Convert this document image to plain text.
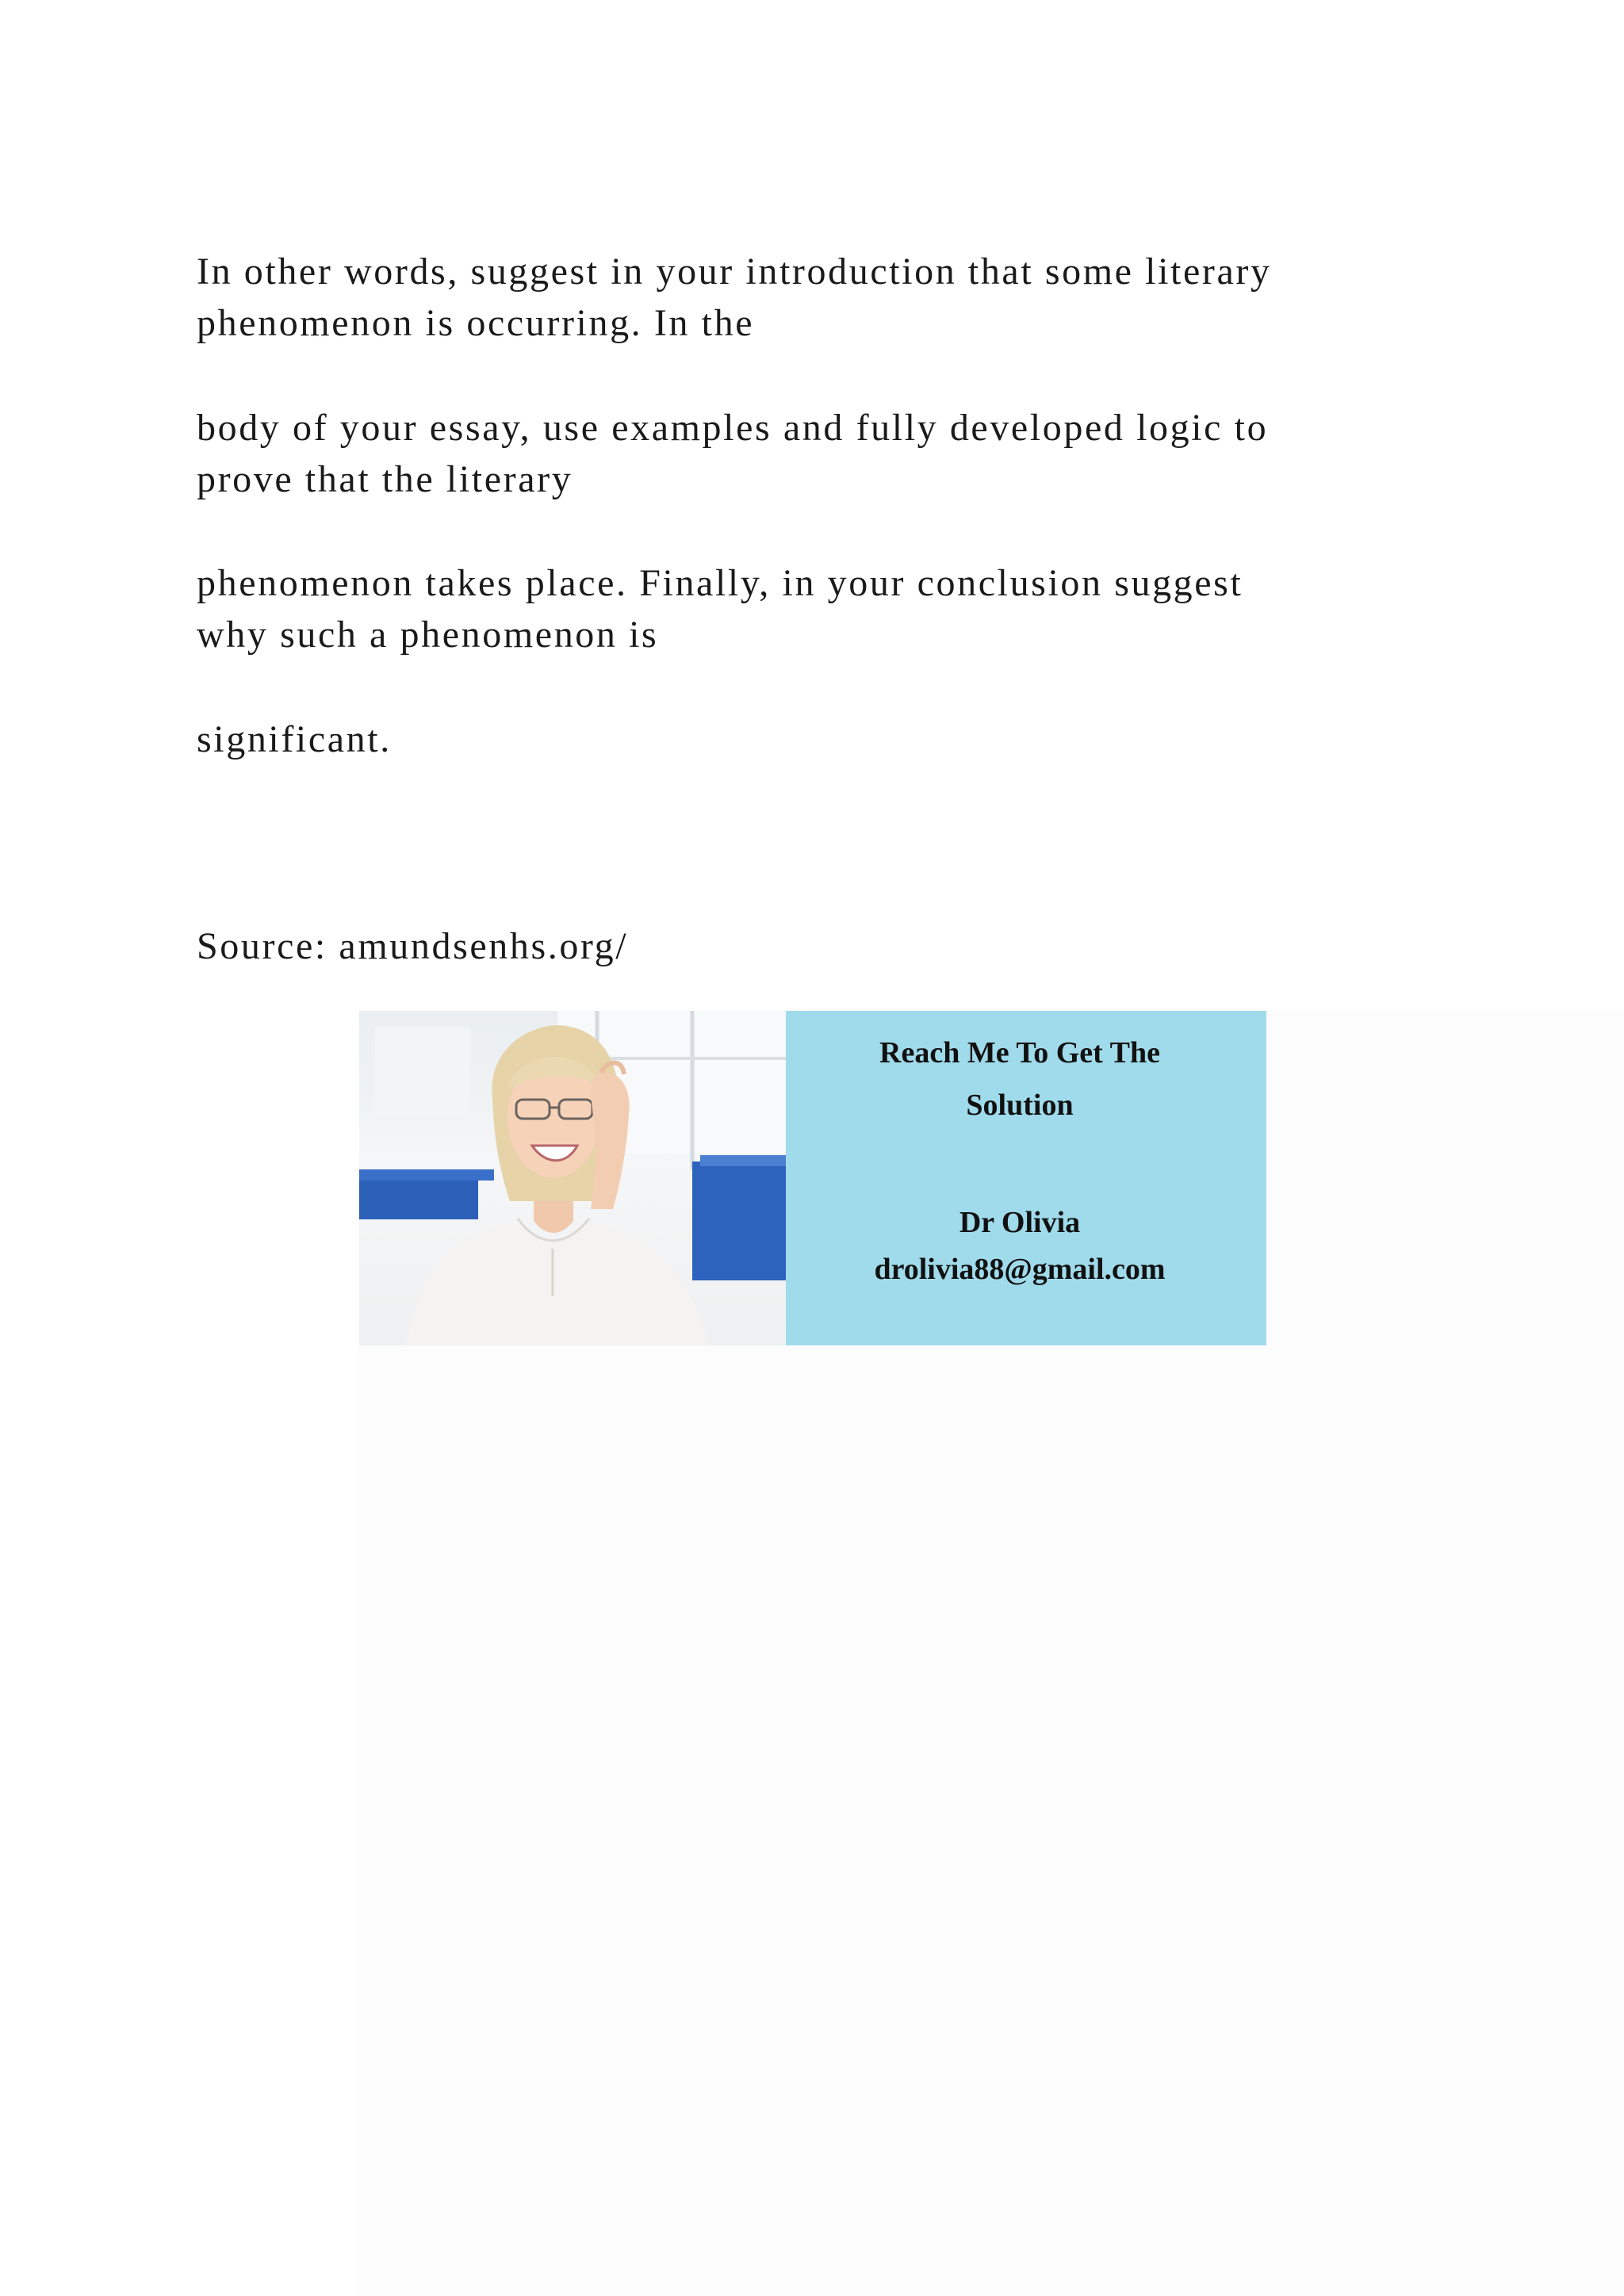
In other words, suggest in your introduction that some literary
phenomenon is occurring. In the

body of your essay, use examples and fully developed logic to
prove that the literary

phenomenon takes place. Finally, in your conclusion suggest
why such a phenomenon is

significant.

Source: amundsenhs.org/

Reach Me To Get The
Solution
Dr Olivia
drolivia88@gmail.com
